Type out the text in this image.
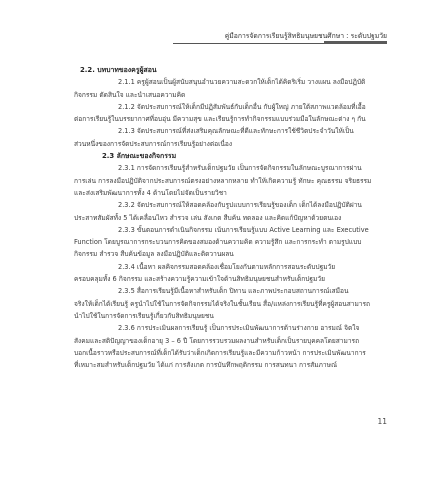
คู่มือการจัดการเรียนรู้สิทธิมนุษยชนศึกษา : ระดับปฐมวัย
2.2. บทบาทของครูผู้สอน
2.1.1 ครูผู้สอนเป็นผู้สนับสนุนอำนวยความสะดวกให้เด็กได้คิดริเริ่ม วางแผน ลงมือปฏิบัติ
กิจกรรม ตัดสินใจ และนำเสนอความคิด
2.1.2 จัดประสบการณ์ให้เด็กมีปฏิสัมพันธ์กับเด็กอื่น กับผู้ใหญ่ ภายใต้สภาพแวดล้อมที่เอื้อ
ต่อการเรียนรู้ในบรรยากาศที่อบอุ่น มีความสุข และเรียนรู้การทำกิจกรรมแบบร่วมมือในลักษณะต่าง ๆ กัน
2.1.3 จัดประสบการณ์ที่ส่งเสริมคุณลักษณะที่ดีและทักษะการใช้ชีวิตประจำวันให้เป็น
ส่วนหนึ่งของการจัดประสบการณ์การเรียนรู้อย่างต่อเนื่อง
2.3 ลักษณะของกิจกรรม
2.3.1 การจัดการเรียนรู้สำหรับเด็กปฐมวัย เป็นการจัดกิจกรรมในลักษณะบูรณาการผ่าน
การเล่น การลงมือปฏิบัติจากประสบการณ์ตรงอย่างหลากหลาย ทำให้เกิดความรู้ ทักษะ คุณธรรม จริยธรรม
และส่งเสริมพัฒนาการทั้ง 4 ด้านโดยไม่จัดเป็นรายวิชา
2.3.2 จัดประสบการณ์ให้สอดคล้องกับรูปแบบการเรียนรู้ของเด็ก เด็กได้ลงมือปฏิบัติผ่าน
ประสาทสัมผัสทั้ง 5 ได้เคลื่อนไหว สำรวจ เล่น สังเกต สืบค้น ทดลอง และคิดแก้ปัญหาด้วยตนเอง
2.3.3 ขั้นตอนการดำเนินกิจกรรม เน้นการเรียนรู้แบบ Active Learning และ Executive
Function โดยบูรณาการกระบวนการคิดของสมองด้านความคิด ความรู้สึก และการกระทำ ตามรูปแบบ
กิจกรรม สำรวจ สืบค้นข้อมูล ลงมือปฏิบัติและติดวานผลน
2.3.4 เนื้อหา ผลคิจกรรมสอดคล้องเชื่อมโยงกันตามหลักการสอนระดับปฐมวัย
ครอบคลุมทั้ง 6 กิจกรรม และสร้างความรู้ความเข้าใจด้านสิทธิมนุษยชนสำหรับเด็กปฐมวัย
2.3.5 สื่อการเรียนรู้มีเนื้อหาสำหรับเด็ก ปิทาน และภาพประกอบสถานการณ์เสมือน
จริงให้เด็กได้เรียนรู้ ครูนำไปใช้ในการจัดกิจกรรมได้จริงในชั้นเรียน สื่อ/แหล่งการเรียนรู้ที่ครูผู้สอนสามารถ
นำไปใช้ในการจัดการเรียนรู้เกี่ยวกับสิทธิมนุษยชน
2.3.6 การประเมินผลการเรียนรู้ เป็นการประเมินพัฒนาการด้านร่างกาย อารมณ์ จิตใจ
สังคมและสติปัญญาของเด็กอายุ 3 – 6 ปี โดยการรวบรวมผลงานสำหรับเด็กเป็นรายบุคคลโดยสามารถ
บอกเนื้อราวหรือประสบการณ์ที่เด็กได้รับว่าเด็กเกิดการเรียนรู้และมีความก้าวหน้า การประเมินพัฒนาการ
ที่เหมาะสมสำหรับเด็กปฐมวัย ได้แก่ การสังเกต การบันทึกพฤติกรรม การสนทนา การสัมภาษณ์
11
